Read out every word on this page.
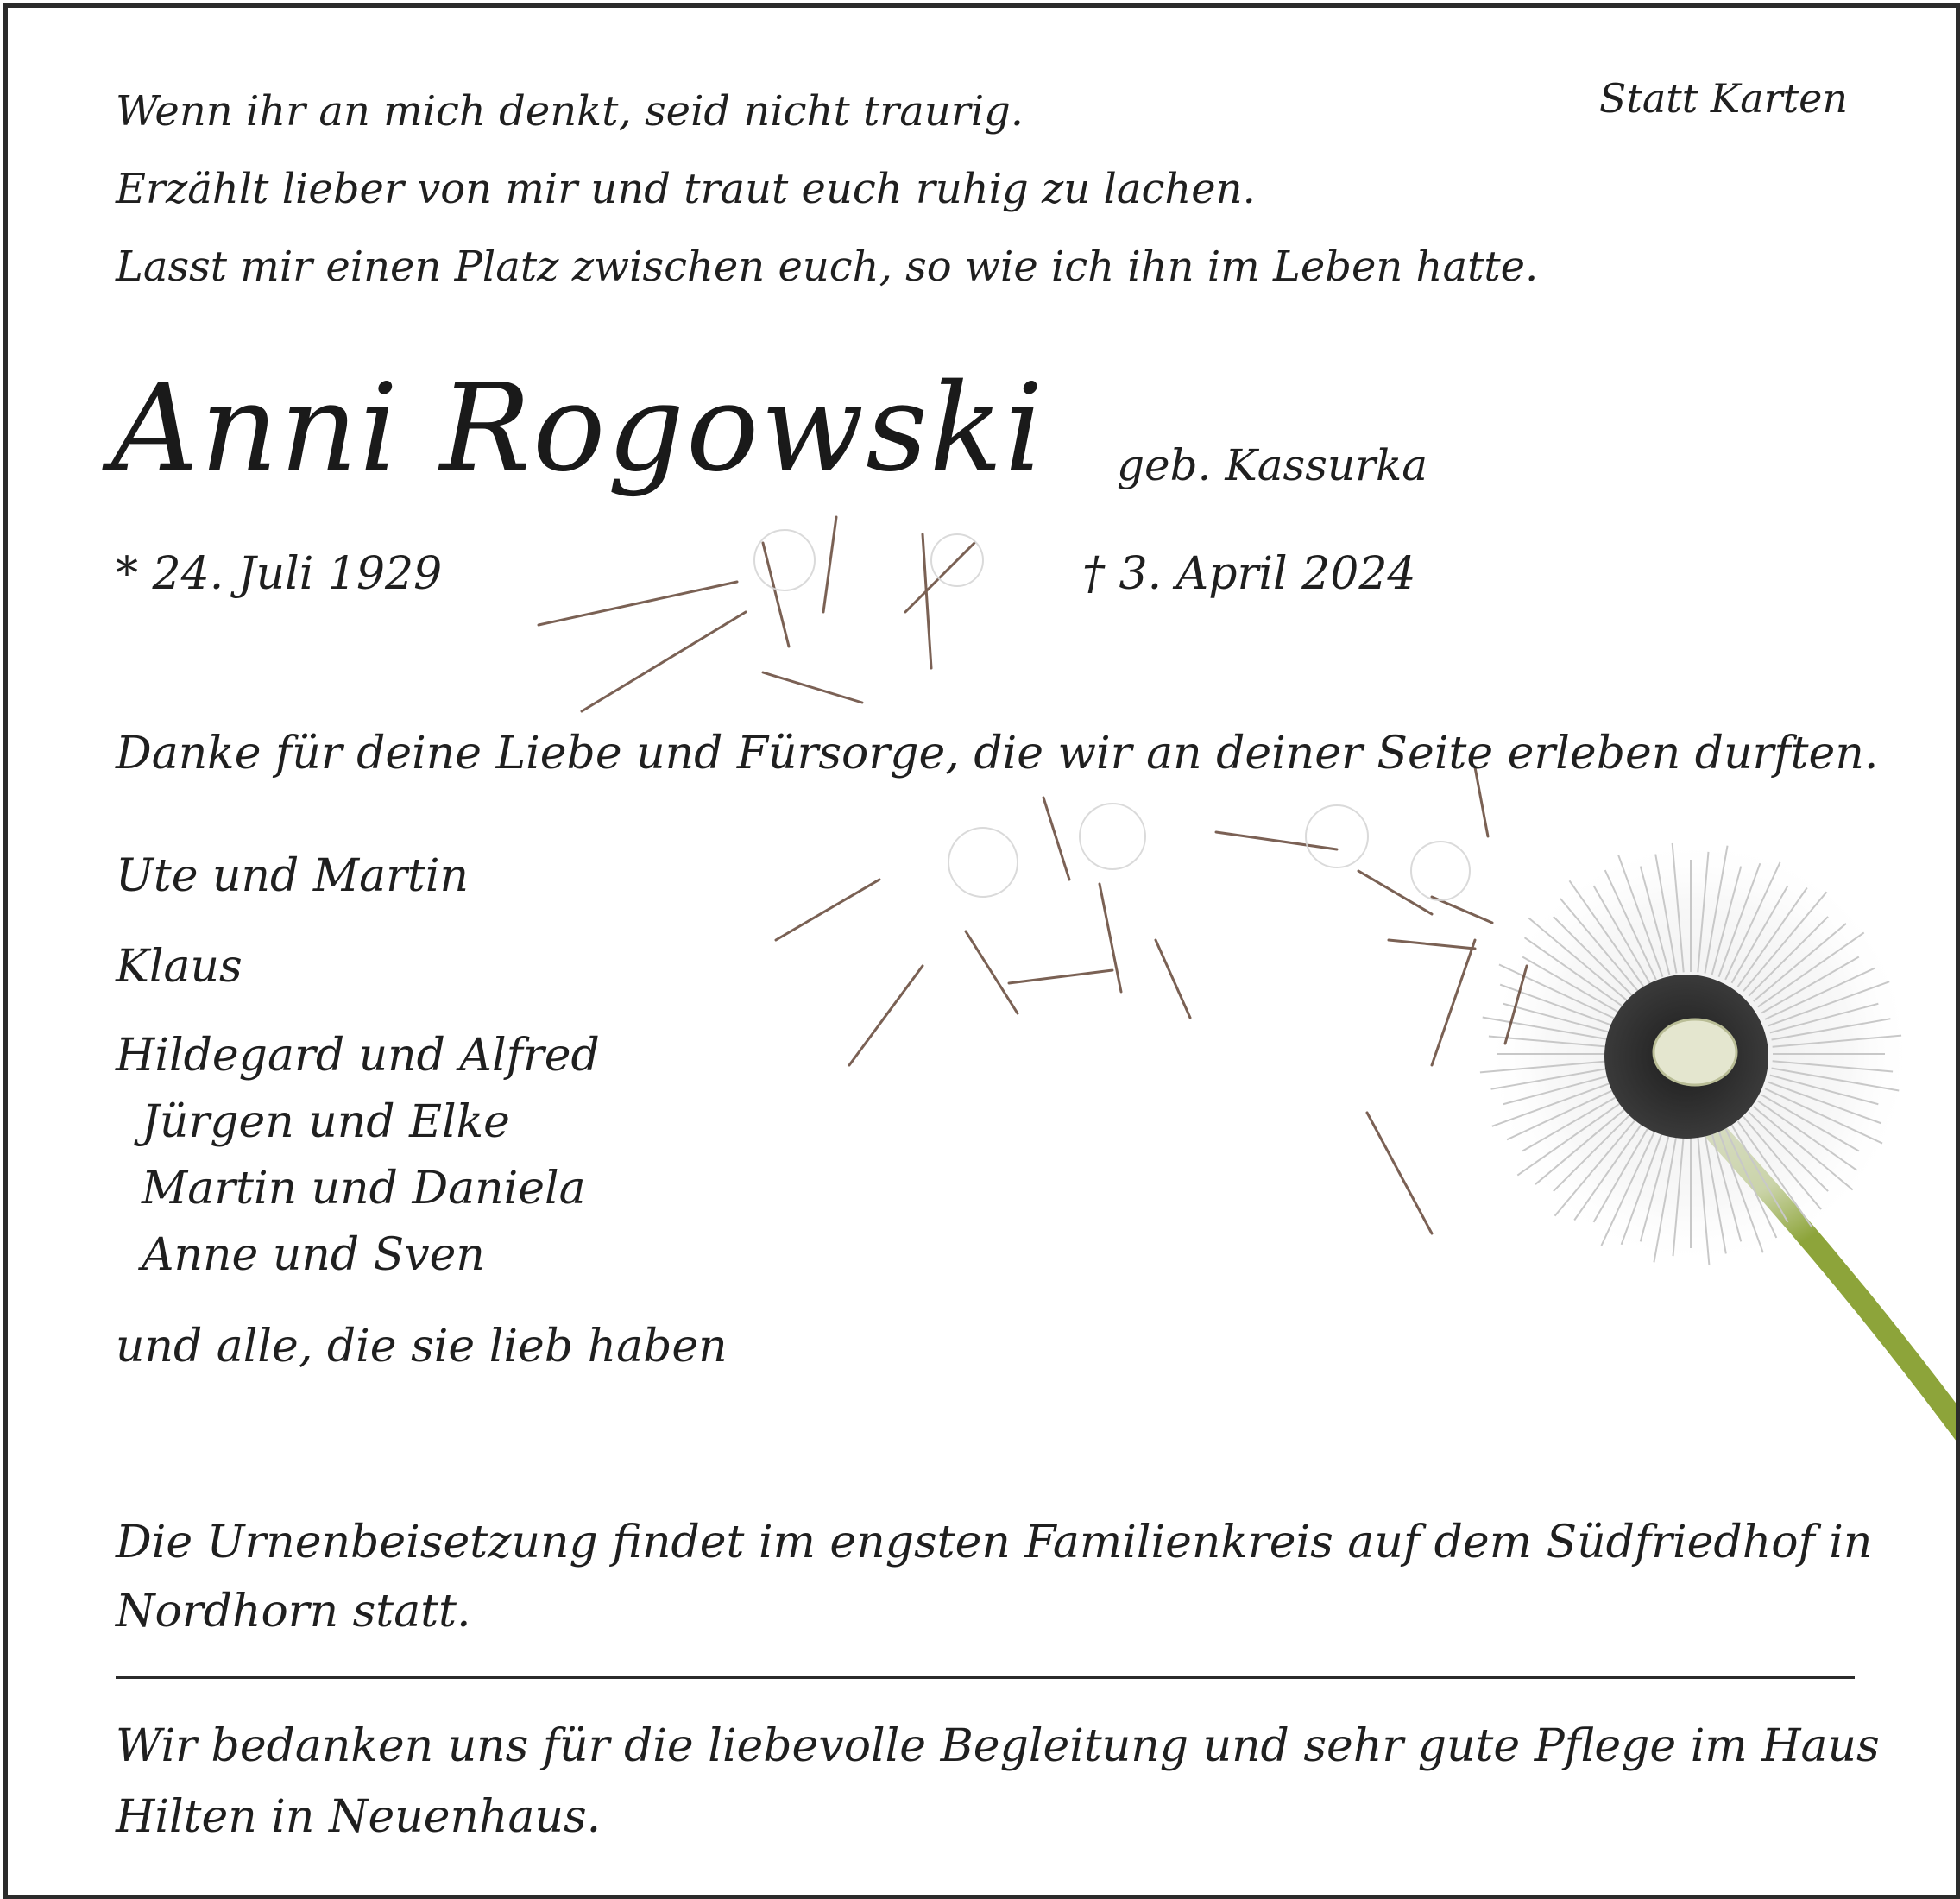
Statt Karten
Wenn ihr an mich denkt, seid nicht traurig.
Erzählt lieber von mir und traut euch ruhig zu lachen.
Lasst mir einen Platz zwischen euch, so wie ich ihn im Leben hatte.
Anni Rogowski geb. Kassurka
* 24. Juli 1929	† 3. April 2024
Danke für deine Liebe und Fürsorge, die wir an deiner Seite erleben durften.
Ute und Martin
Klaus
Hildegard und Alfred
Jürgen und Elke
Martin und Daniela
Anne und Sven
und alle, die sie lieb haben
Die Urnenbeisetzung findet im engsten Familienkreis auf dem Südfriedhof in
Nordhorn statt.
Wir bedanken uns für die liebevolle Begleitung und sehr gute Pflege im Haus
Hilten in Neuenhaus.
